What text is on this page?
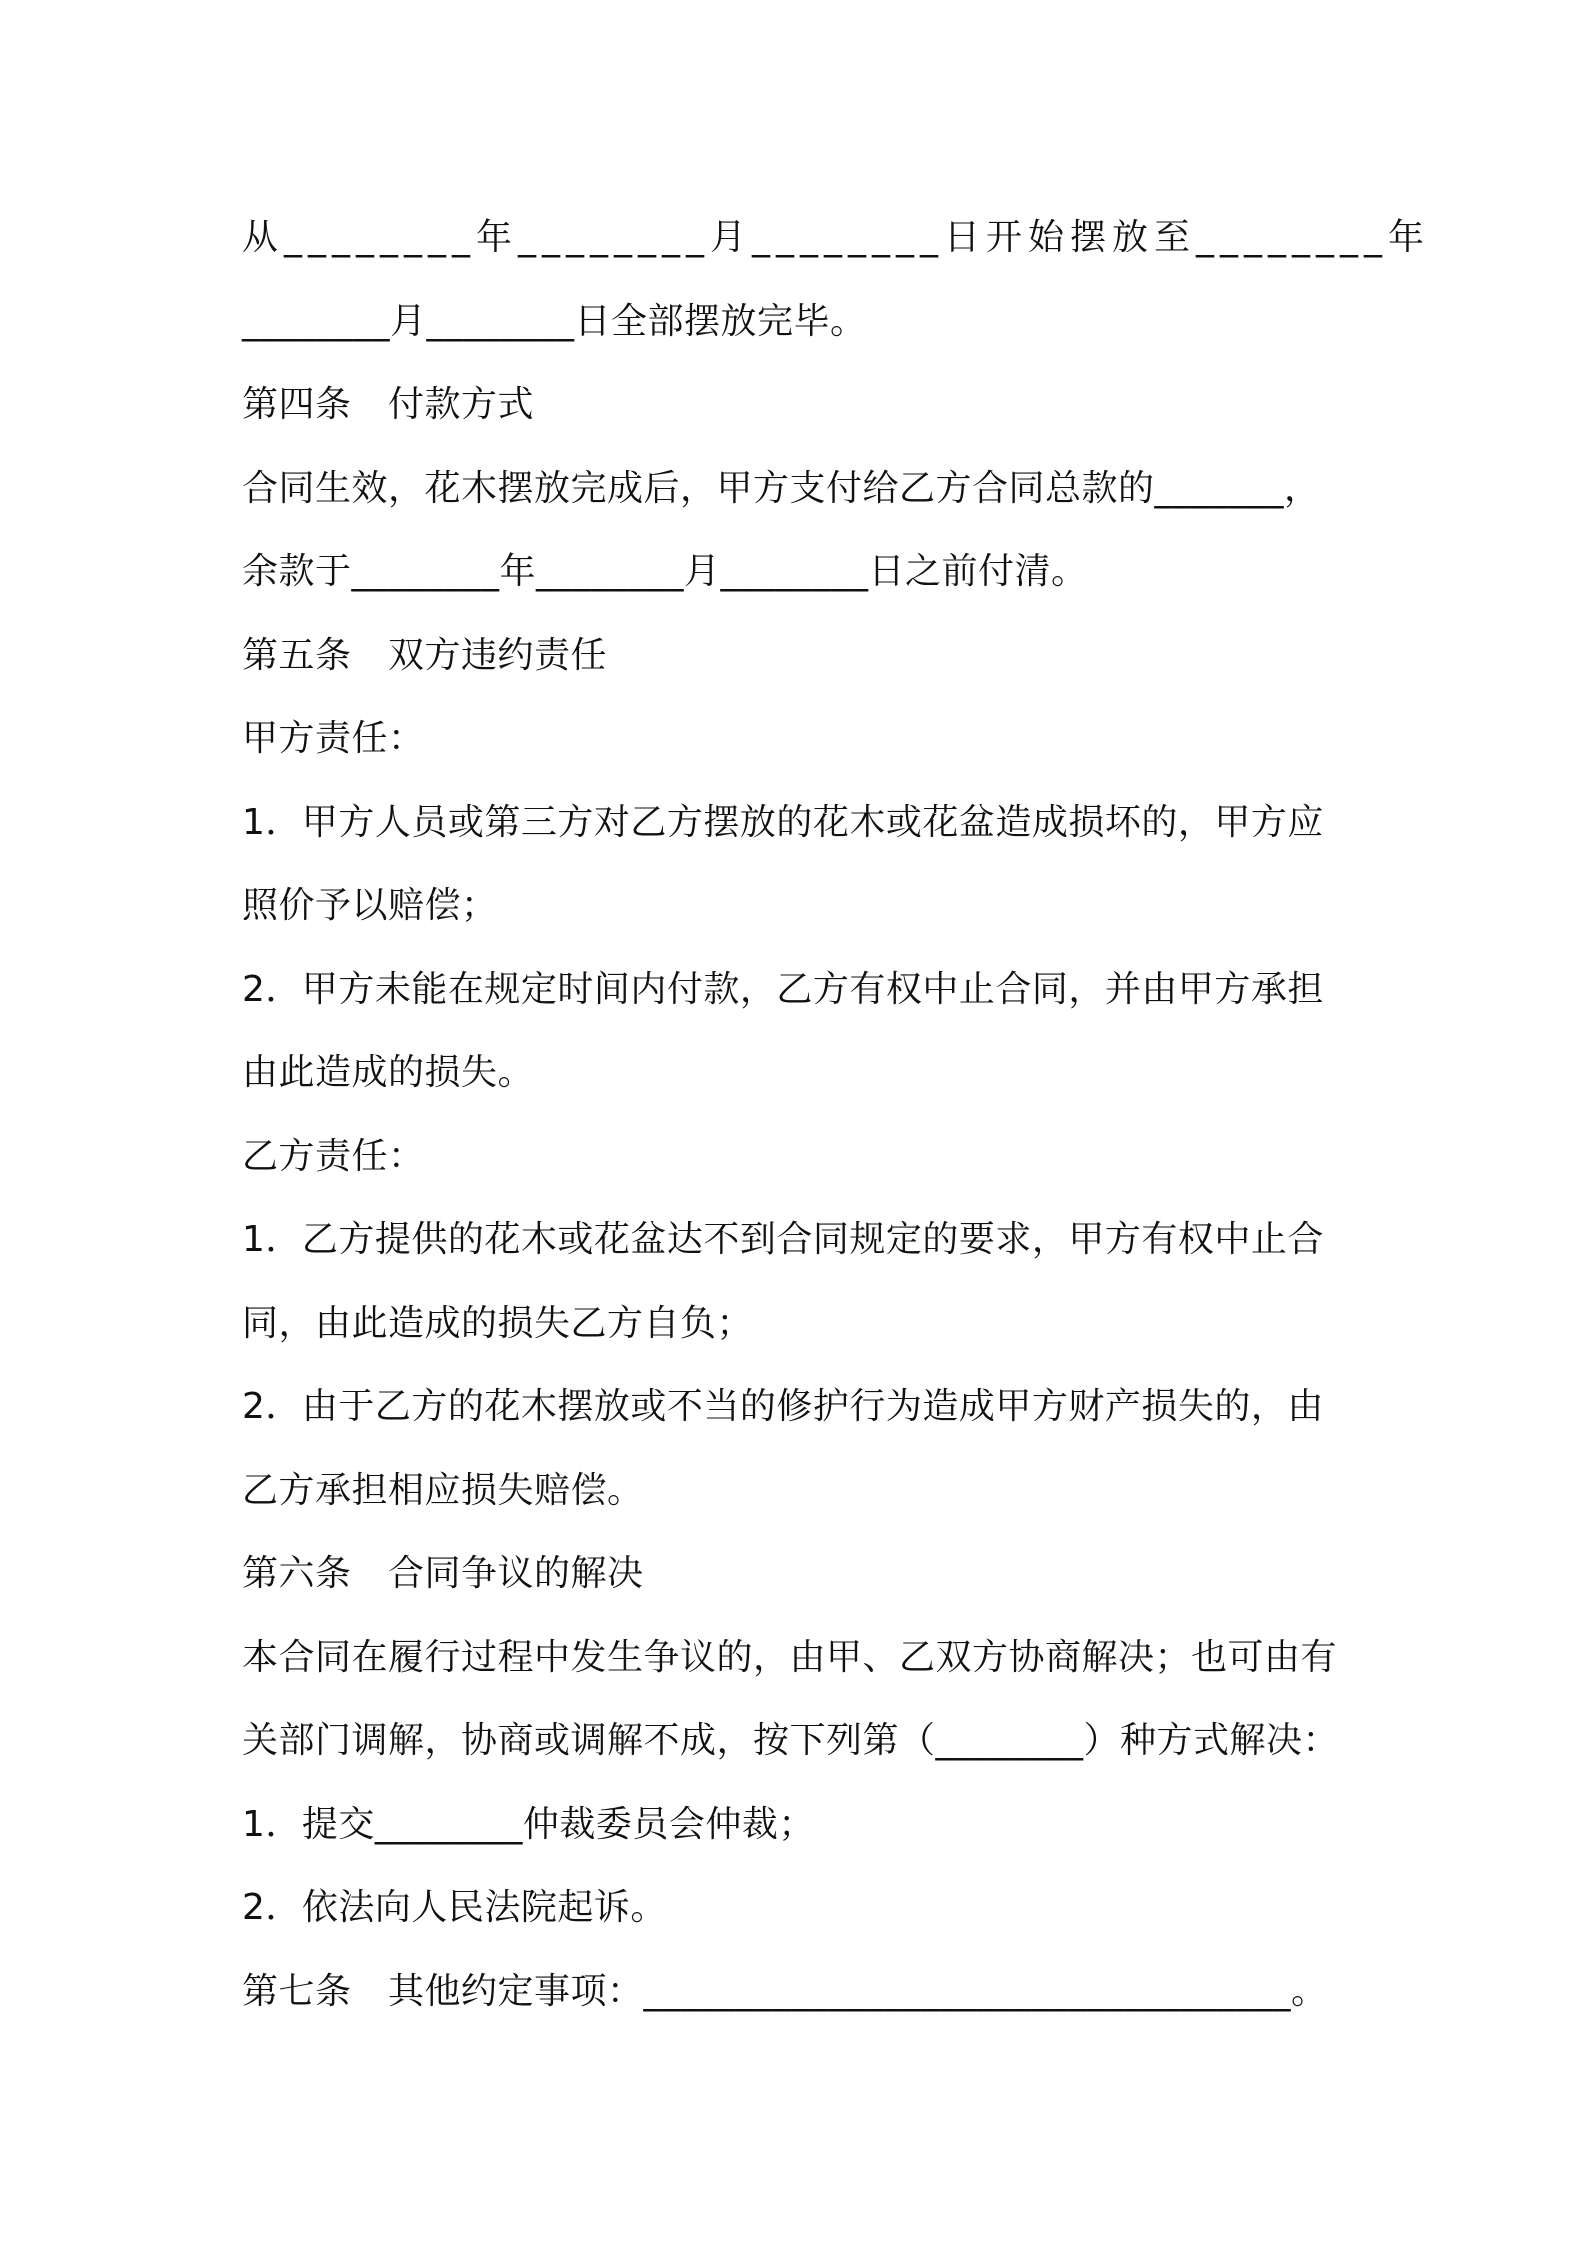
从________年________月________日开始摆放至________年
________月________日全部摆放完毕。
第四条　付款方式
合同生效，花木摆放完成后，甲方支付给乙方合同总款的_______，
余款于________年________月________日之前付清。
第五条　双方违约责任
甲方责任：
1．甲方人员或第三方对乙方摆放的花木或花盆造成损坏的，甲方应
照价予以赔偿；
2．甲方未能在规定时间内付款，乙方有权中止合同，并由甲方承担
由此造成的损失。
乙方责任：
1．乙方提供的花木或花盆达不到合同规定的要求，甲方有权中止合
同，由此造成的损失乙方自负；
2．由于乙方的花木摆放或不当的修护行为造成甲方财产损失的，由
乙方承担相应损失赔偿。
第六条　合同争议的解决
本合同在履行过程中发生争议的，由甲、乙双方协商解决；也可由有
关部门调解，协商或调解不成，按下列第（________）种方式解决：
1．提交________仲裁委员会仲裁；
2．依法向人民法院起诉。
第七条　其他约定事项：___________________________________。
